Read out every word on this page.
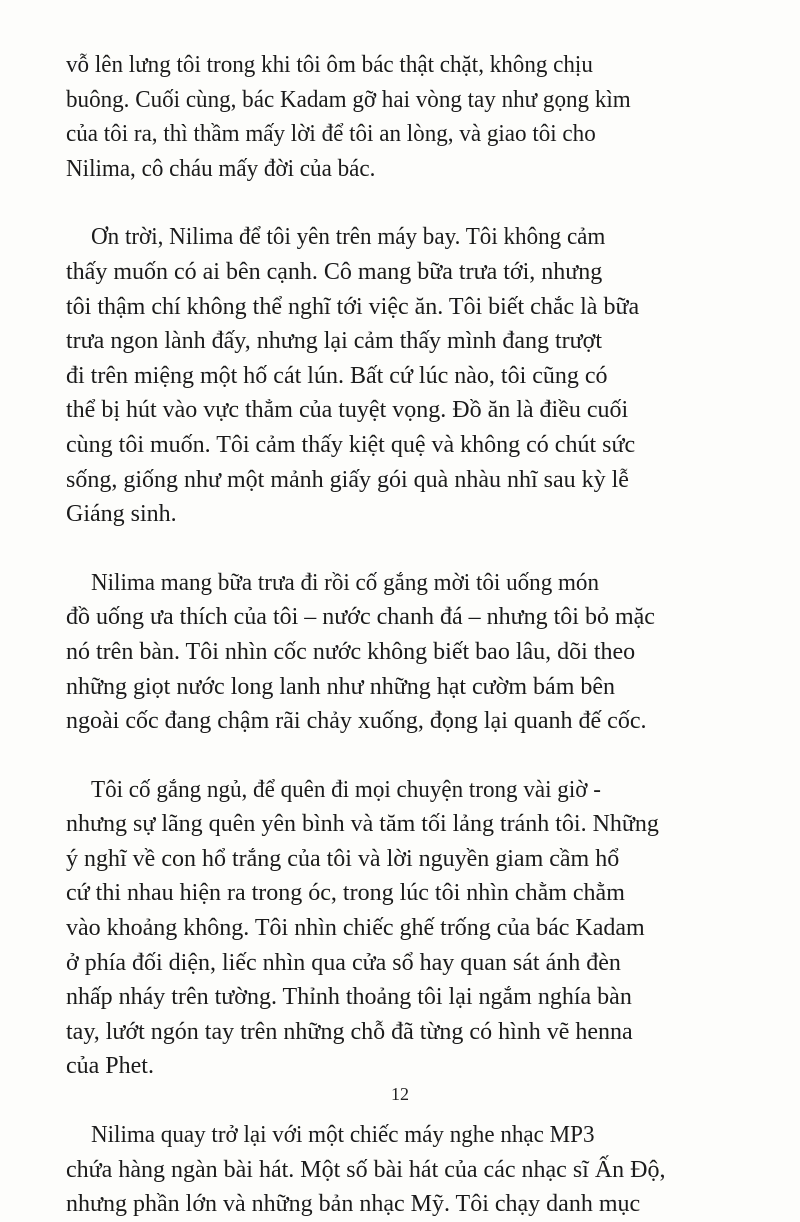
vỗ lên lưng tôi trong khi tôi ôm bác thật chặt, không chịu
buông. Cuối cùng, bác Kadam gỡ hai vòng tay như gọng kìm
của tôi ra, thì thầm mấy lời để tôi an lòng, và giao tôi cho
Nilima, cô cháu mấy đời của bác.

Ơn trời, Nilima để tôi yên trên máy bay. Tôi không cảm
thấy muốn có ai bên cạnh. Cô mang bữa trưa tới, nhưng
tôi thậm chí không thể nghĩ tới việc ăn. Tôi biết chắc là bữa
trưa ngon lành đấy, nhưng lại cảm thấy mình đang trượt
đi trên miệng một hố cát lún. Bất cứ lúc nào, tôi cũng có
thể bị hút vào vực thẳm của tuyệt vọng. Đồ ăn là điều cuối
cùng tôi muốn. Tôi cảm thấy kiệt quệ và không có chút sức
sống, giống như một mảnh giấy gói quà nhàu nhĩ sau kỳ lễ
Giáng sinh.

Nilima mang bữa trưa đi rồi cố gắng mời tôi uống món
đồ uống ưa thích của tôi – nước chanh đá – nhưng tôi bỏ mặc
nó trên bàn. Tôi nhìn cốc nước không biết bao lâu, dõi theo
những giọt nước long lanh như những hạt cườm bám bên
ngoài cốc đang chậm rãi chảy xuống, đọng lại quanh đế cốc.

Tôi cố gắng ngủ, để quên đi mọi chuyện trong vài giờ -
nhưng sự lãng quên yên bình và tăm tối lảng tránh tôi. Những
ý nghĩ về con hổ trắng của tôi và lời nguyền giam cầm hổ
cứ thi nhau hiện ra trong óc, trong lúc tôi nhìn chằm chằm
vào khoảng không. Tôi nhìn chiếc ghế trống của bác Kadam
ở phía đối diện, liếc nhìn qua cửa sổ hay quan sát ánh đèn
nhấp nháy trên tường. Thỉnh thoảng tôi lại ngắm nghía bàn
tay, lướt ngón tay trên những chỗ đã từng có hình vẽ henna
của Phet.

Nilima quay trở lại với một chiếc máy nghe nhạc MP3
chứa hàng ngàn bài hát. Một số bài hát của các nhạc sĩ Ấn Độ,
nhưng phần lớn và những bản nhạc Mỹ. Tôi chạy danh mục

12
